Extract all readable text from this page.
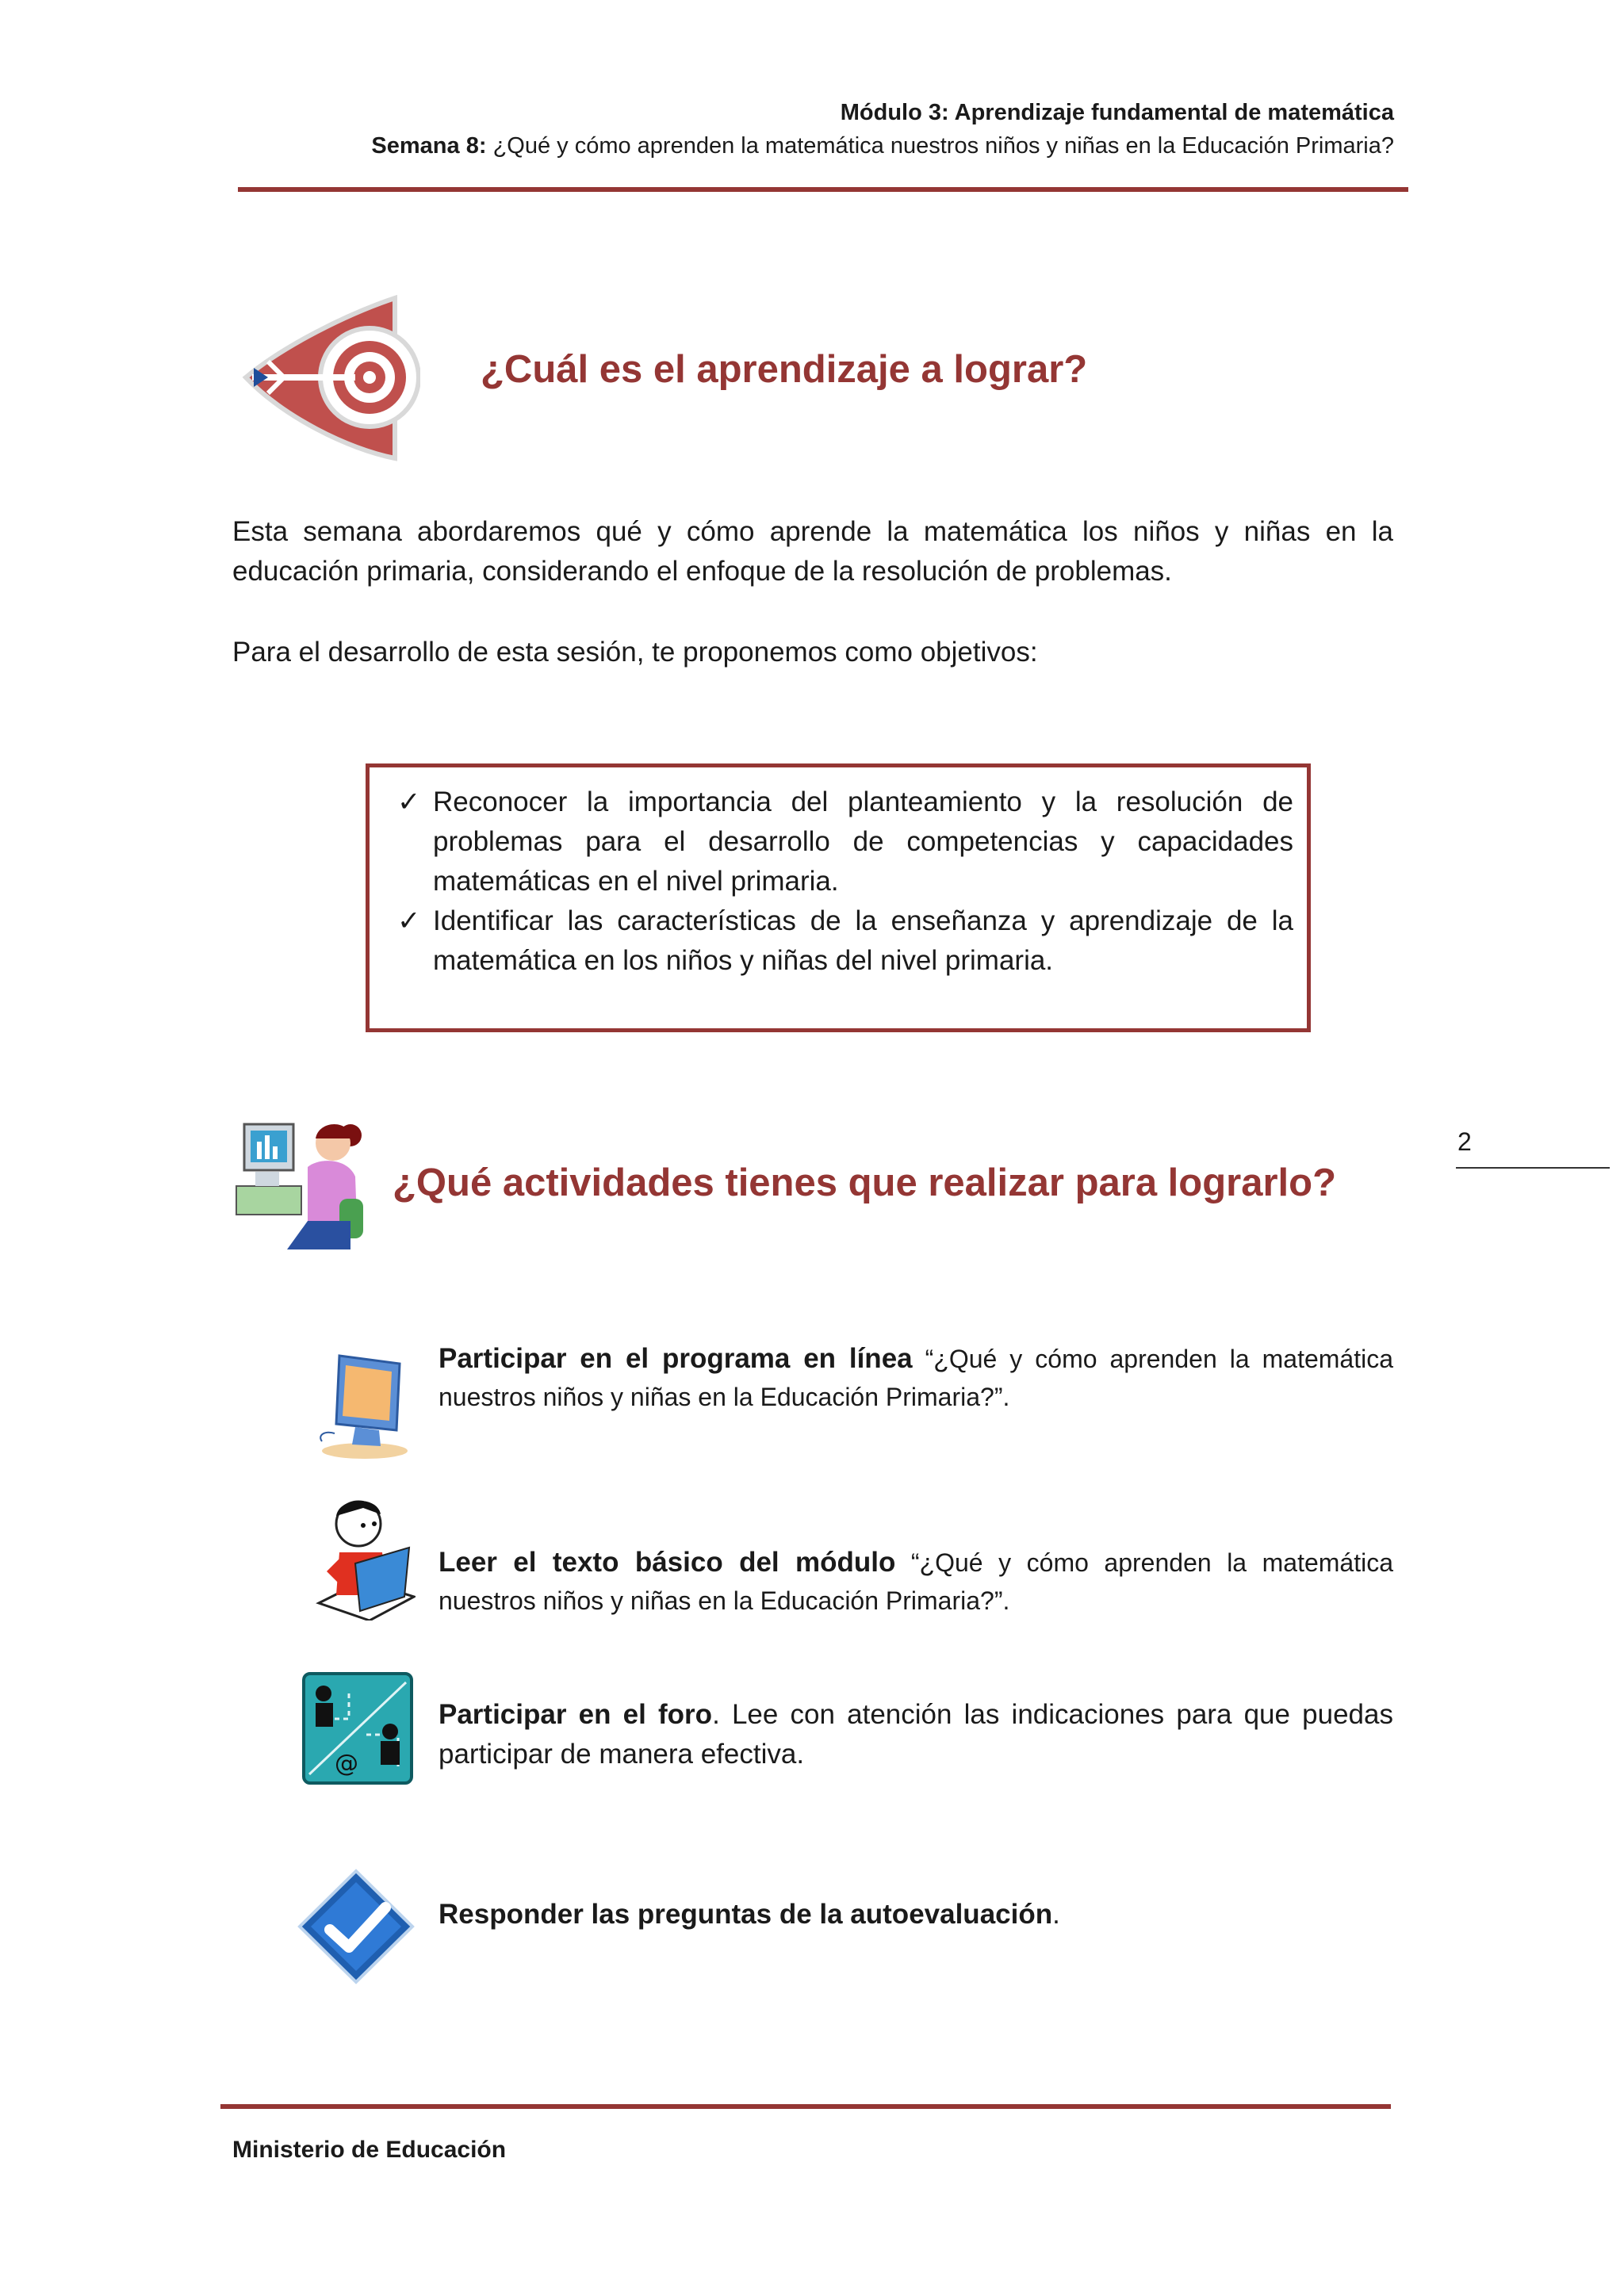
Módulo 3: Aprendizaje fundamental de matemática
Semana 8: ¿Qué y cómo aprenden la matemática nuestros niños y niñas en la Educación Primaria?
¿Cuál es el aprendizaje a lograr?
Esta semana abordaremos qué y cómo aprende la matemática los niños y niñas en la educación primaria, considerando el enfoque de la resolución de problemas.
Para el desarrollo de esta sesión, te proponemos como objetivos:
✓ Reconocer la importancia del planteamiento y la resolución de problemas para el desarrollo de competencias y capacidades matemáticas en el nivel primaria.
✓ Identificar las características de la enseñanza y aprendizaje de la matemática en los niños y niñas del nivel primaria.
2
¿Qué actividades tienes que realizar para lograrlo?
Participar en el programa en línea “¿Qué y cómo aprenden la matemática nuestros niños y niñas en la Educación Primaria?”.
Leer el texto básico del módulo “¿Qué y cómo aprenden la matemática nuestros niños y niñas en la Educación Primaria?”.
@
Participar en el foro. Lee con atención las indicaciones para que puedas participar de manera efectiva.
Responder las preguntas de la autoevaluación.
Ministerio de Educación
